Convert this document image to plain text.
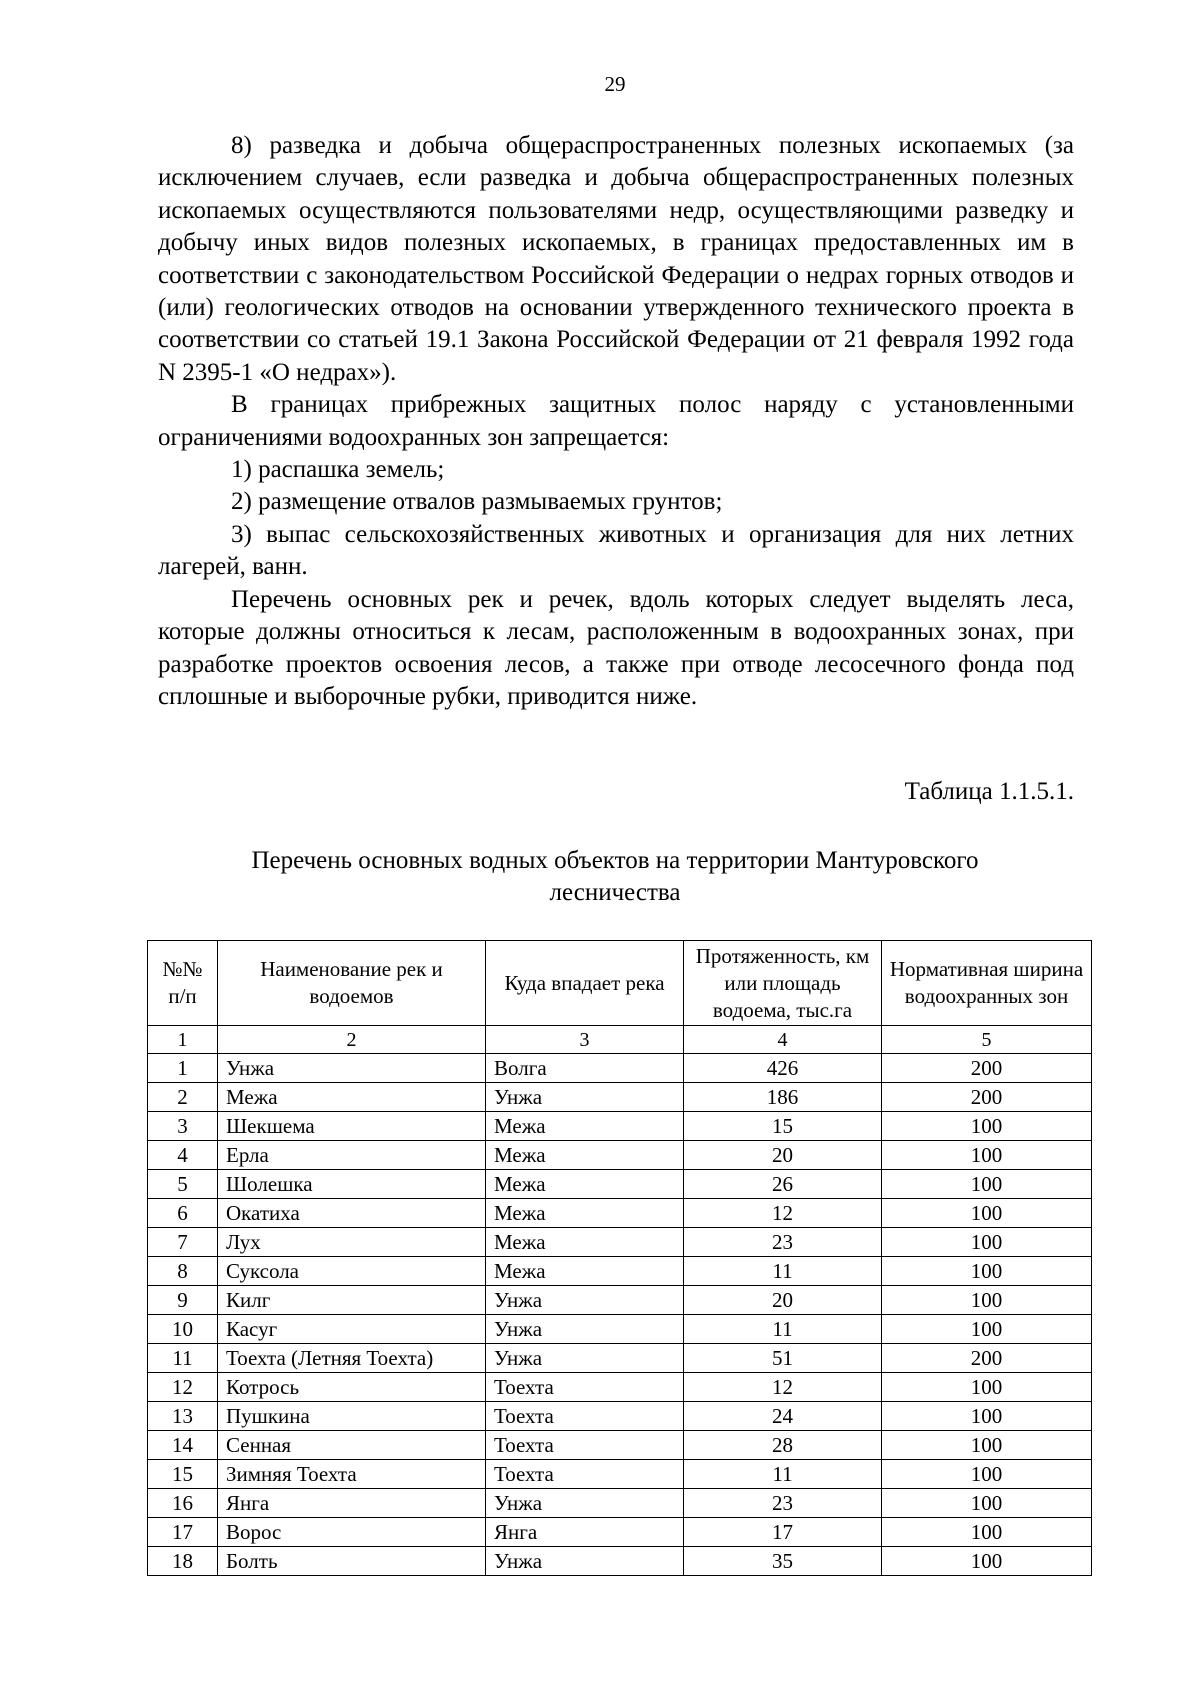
29

8) разведка и добыча общераспространенных полезных ископаемых (за исключением случаев, если разведка и добыча общераспространенных полезных ископаемых осуществляются пользователями недр, осуществляющими разведку и добычу иных видов полезных ископаемых, в границах предоставленных им в соответствии с законодательством Российской Федерации о недрах горных отводов и (или) геологических отводов на основании утвержденного технического проекта в соответствии со статьей 19.1 Закона Российской Федерации от 21 февраля 1992 года N 2395-1 «О недрах»).

В границах прибрежных защитных полос наряду с установленными ограничениями водоохранных зон запрещается:

1) распашка земель;

2) размещение отвалов размываемых грунтов;

3) выпас сельскохозяйственных животных и организация для них летних лагерей, ванн.

Перечень основных рек и речек, вдоль которых следует выделять леса, которые должны относиться к лесам, расположенным в водоохранных зонах, при разработке проектов освоения лесов, а также при отводе лесосечного фонда под сплошные и выборочные рубки, приводится ниже.

Таблица 1.1.5.1.
Перечень основных водных объектов на территории Мантуровского лесничества
№№ п/п	Наименование рек и водоемов	Куда впадает река	Протяженность, км или площадь водоема, тыс.га	Нормативная ширина водоохранных зон
1	2	3	4	5
1	Унжа	Волга	426	200
2	Межа	Унжа	186	200
3	Шекшема	Межа	15	100
4	Ерла	Межа	20	100
5	Шолешка	Межа	26	100
6	Окатиха	Межа	12	100
7	Лух	Межа	23	100
8	Суксола	Межа	11	100
9	Килг	Унжа	20	100
10	Касуг	Унжа	11	100
11	Тоехта (Летняя Тоехта)	Унжа	51	200
12	Котрось	Тоехта	12	100
13	Пушкина	Тоехта	24	100
14	Сенная	Тоехта	28	100
15	Зимняя Тоехта	Тоехта	11	100
16	Янга	Унжа	23	100
17	Ворос	Янга	17	100
18	Болть	Унжа	35	100
